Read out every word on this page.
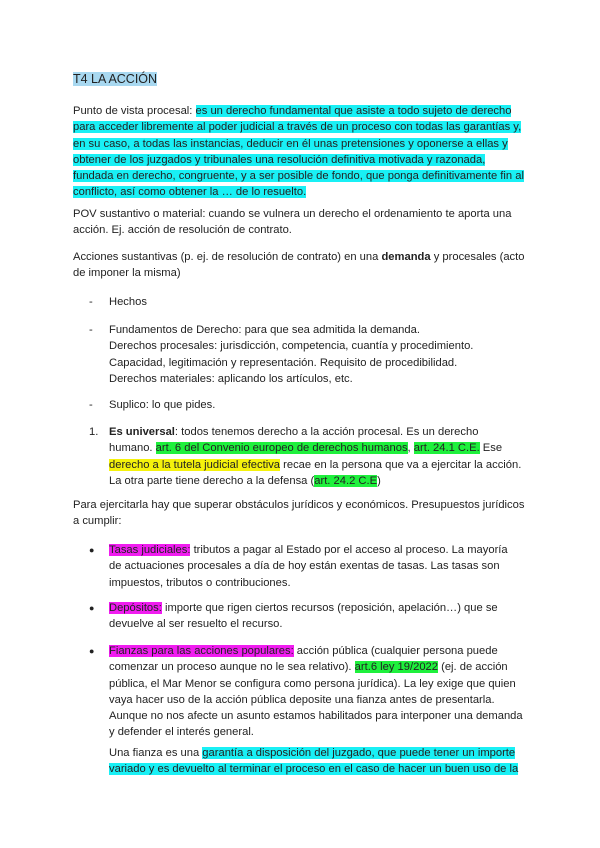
T4 LA ACCIÓN

Punto de vista procesal: es un derecho fundamental que asiste a todo sujeto de derecho para acceder libremente al poder judicial a través de un proceso con todas las garantías y, en su caso, a todas las instancias, deducir en él unas pretensiones y oponerse a ellas y obtener de los juzgados y tribunales una resolución definitiva motivada y razonada, fundada en derecho, congruente, y a ser posible de fondo, que ponga definitivamente fin al conflicto, así como obtener la … de lo resuelto.

POV sustantivo o material: cuando se vulnera un derecho el ordenamiento te aporta una acción. Ej. acción de resolución de contrato.

Acciones sustantivas (p. ej. de resolución de contrato) en una demanda y procesales (acto de imponer la misma)

- Hechos
- Fundamentos de Derecho: para que sea admitida la demanda.
Derechos procesales: jurisdicción, competencia, cuantía y procedimiento.
Capacidad, legitimación y representación. Requisito de procedibilidad.
Derechos materiales: aplicando los artículos, etc.
- Suplico: lo que pides.
1. Es universal: todos tenemos derecho a la acción procesal. Es un derecho humano. art. 6 del Convenio europeo de derechos humanos, art. 24.1 C.E. Ese derecho a la tutela judicial efectiva recae en la persona que va a ejercitar la acción. La otra parte tiene derecho a la defensa (art. 24.2 C.E)

Para ejercitarla hay que superar obstáculos jurídicos y económicos. Presupuestos jurídicos a cumplir:

● Tasas judiciales: tributos a pagar al Estado por el acceso al proceso. La mayoría de actuaciones procesales a día de hoy están exentas de tasas. Las tasas son impuestos, tributos o contribuciones.
● Depósitos: importe que rigen ciertos recursos (reposición, apelación…) que se devuelve al ser resuelto el recurso.
● Fianzas para las acciones populares: acción pública (cualquier persona puede comenzar un proceso aunque no le sea relativo). art.6 ley 19/2022 (ej. de acción pública, el Mar Menor se configura como persona jurídica). La ley exige que quien vaya hacer uso de la acción pública deposite una fianza antes de presentarla. Aunque no nos afecte un asunto estamos habilitados para interponer una demanda y defender el interés general.
Una fianza es una garantía a disposición del juzgado, que puede tener un importe variado y es devuelto al terminar el proceso en el caso de hacer un buen uso de la
